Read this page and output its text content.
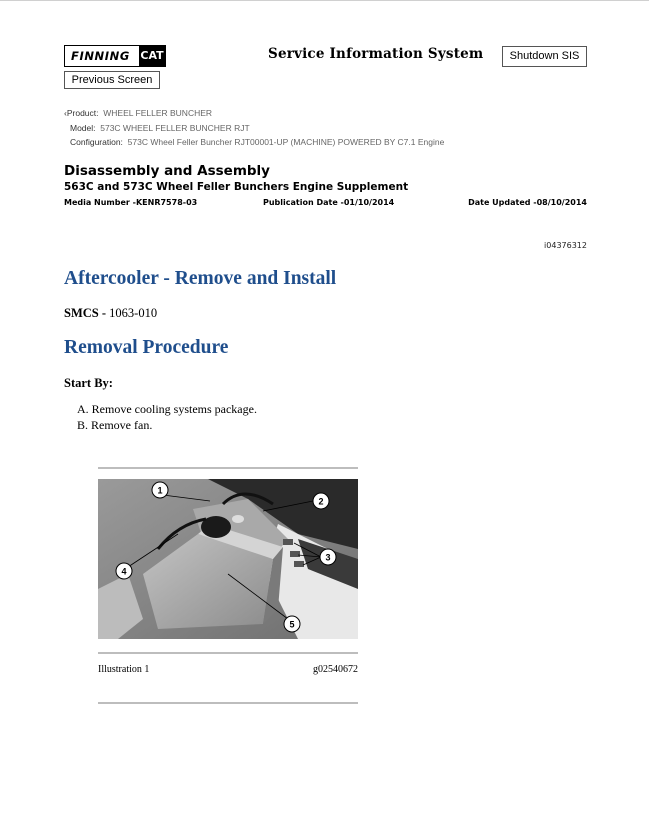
FINNING CAT	Service Information System	Shutdown SIS
Previous Screen
‹Product: WHEEL FELLER BUNCHER
Model: 573C WHEEL FELLER BUNCHER RJT
Configuration: 573C Wheel Feller Buncher RJT00001-UP (MACHINE) POWERED BY C7.1 Engine
Disassembly and Assembly
563C and 573C Wheel Feller Bunchers Engine Supplement
Media Number -KENR7578-03	Publication Date -01/10/2014	Date Updated -08/10/2014
i04376312
Aftercooler - Remove and Install
SMCS - 1063-010
Removal Procedure
Start By:
A. Remove cooling systems package.
B. Remove fan.
1
2
3
4
5
Illustration 1	g02540672
